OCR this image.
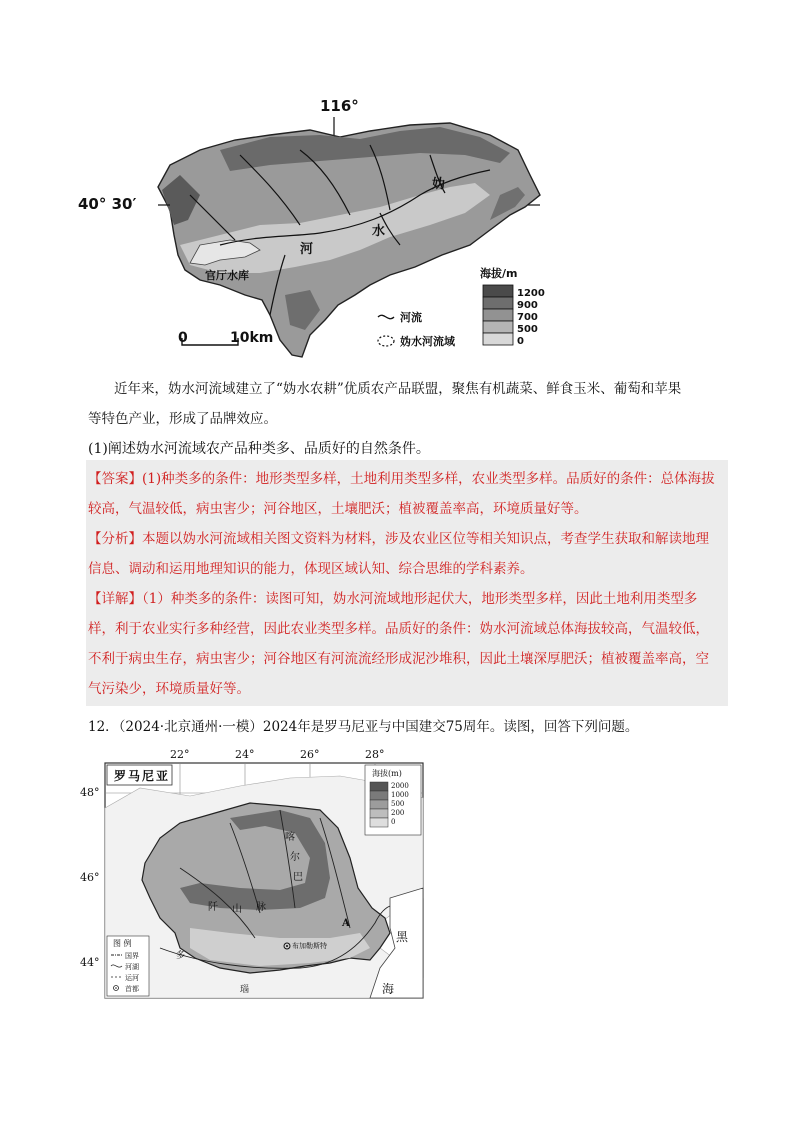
116°
40° 30′
妫
水
河
官厅水库
0	10km
河流
妫水河流域
海拔/m
1200
900
700
500
0
近年来，妫水河流域建立了“妫水农耕”优质农产品联盟，聚焦有机蔬菜、鲜食玉米、葡萄和苹果
等特色产业，形成了品牌效应。
(1)阐述妫水河流域农产品种类多、品质好的自然条件。
【答案】(1)种类多的条件：地形类型多样，土地利用类型多样，农业类型多样。品质好的条件：总体海拔
较高，气温较低，病虫害少；河谷地区，土壤肥沃；植被覆盖率高，环境质量好等。
【分析】本题以妫水河流域相关图文资料为材料，涉及农业区位等相关知识点，考查学生获取和解读地理
信息、调动和运用地理知识的能力，体现区域认知、综合思维的学科素养。
【详解】（1）种类多的条件：读图可知，妫水河流域地形起伏大，地形类型多样，因此土地利用类型多
样，利于农业实行多种经营，因此农业类型多样。品质好的条件：妫水河流域总体海拔较高，气温较低，
不利于病虫生存，病虫害少；河谷地区有河流流经形成泥沙堆积，因此土壤深厚肥沃；植被覆盖率高，空
气污染少，环境质量好等。
12．（2024·北京通州·一模）2024年是罗马尼亚与中国建交75周年。读图，回答下列问题。
罗马尼亚
22°	24°	26°	28°
48°
46°
44°
海拔(m)
2000
1000
500
200
0
图 例
国界
河湖
运河
首都
布加勒斯特
A
黑
海
多
瑙
喀
尔
巴
阡 山 脉
